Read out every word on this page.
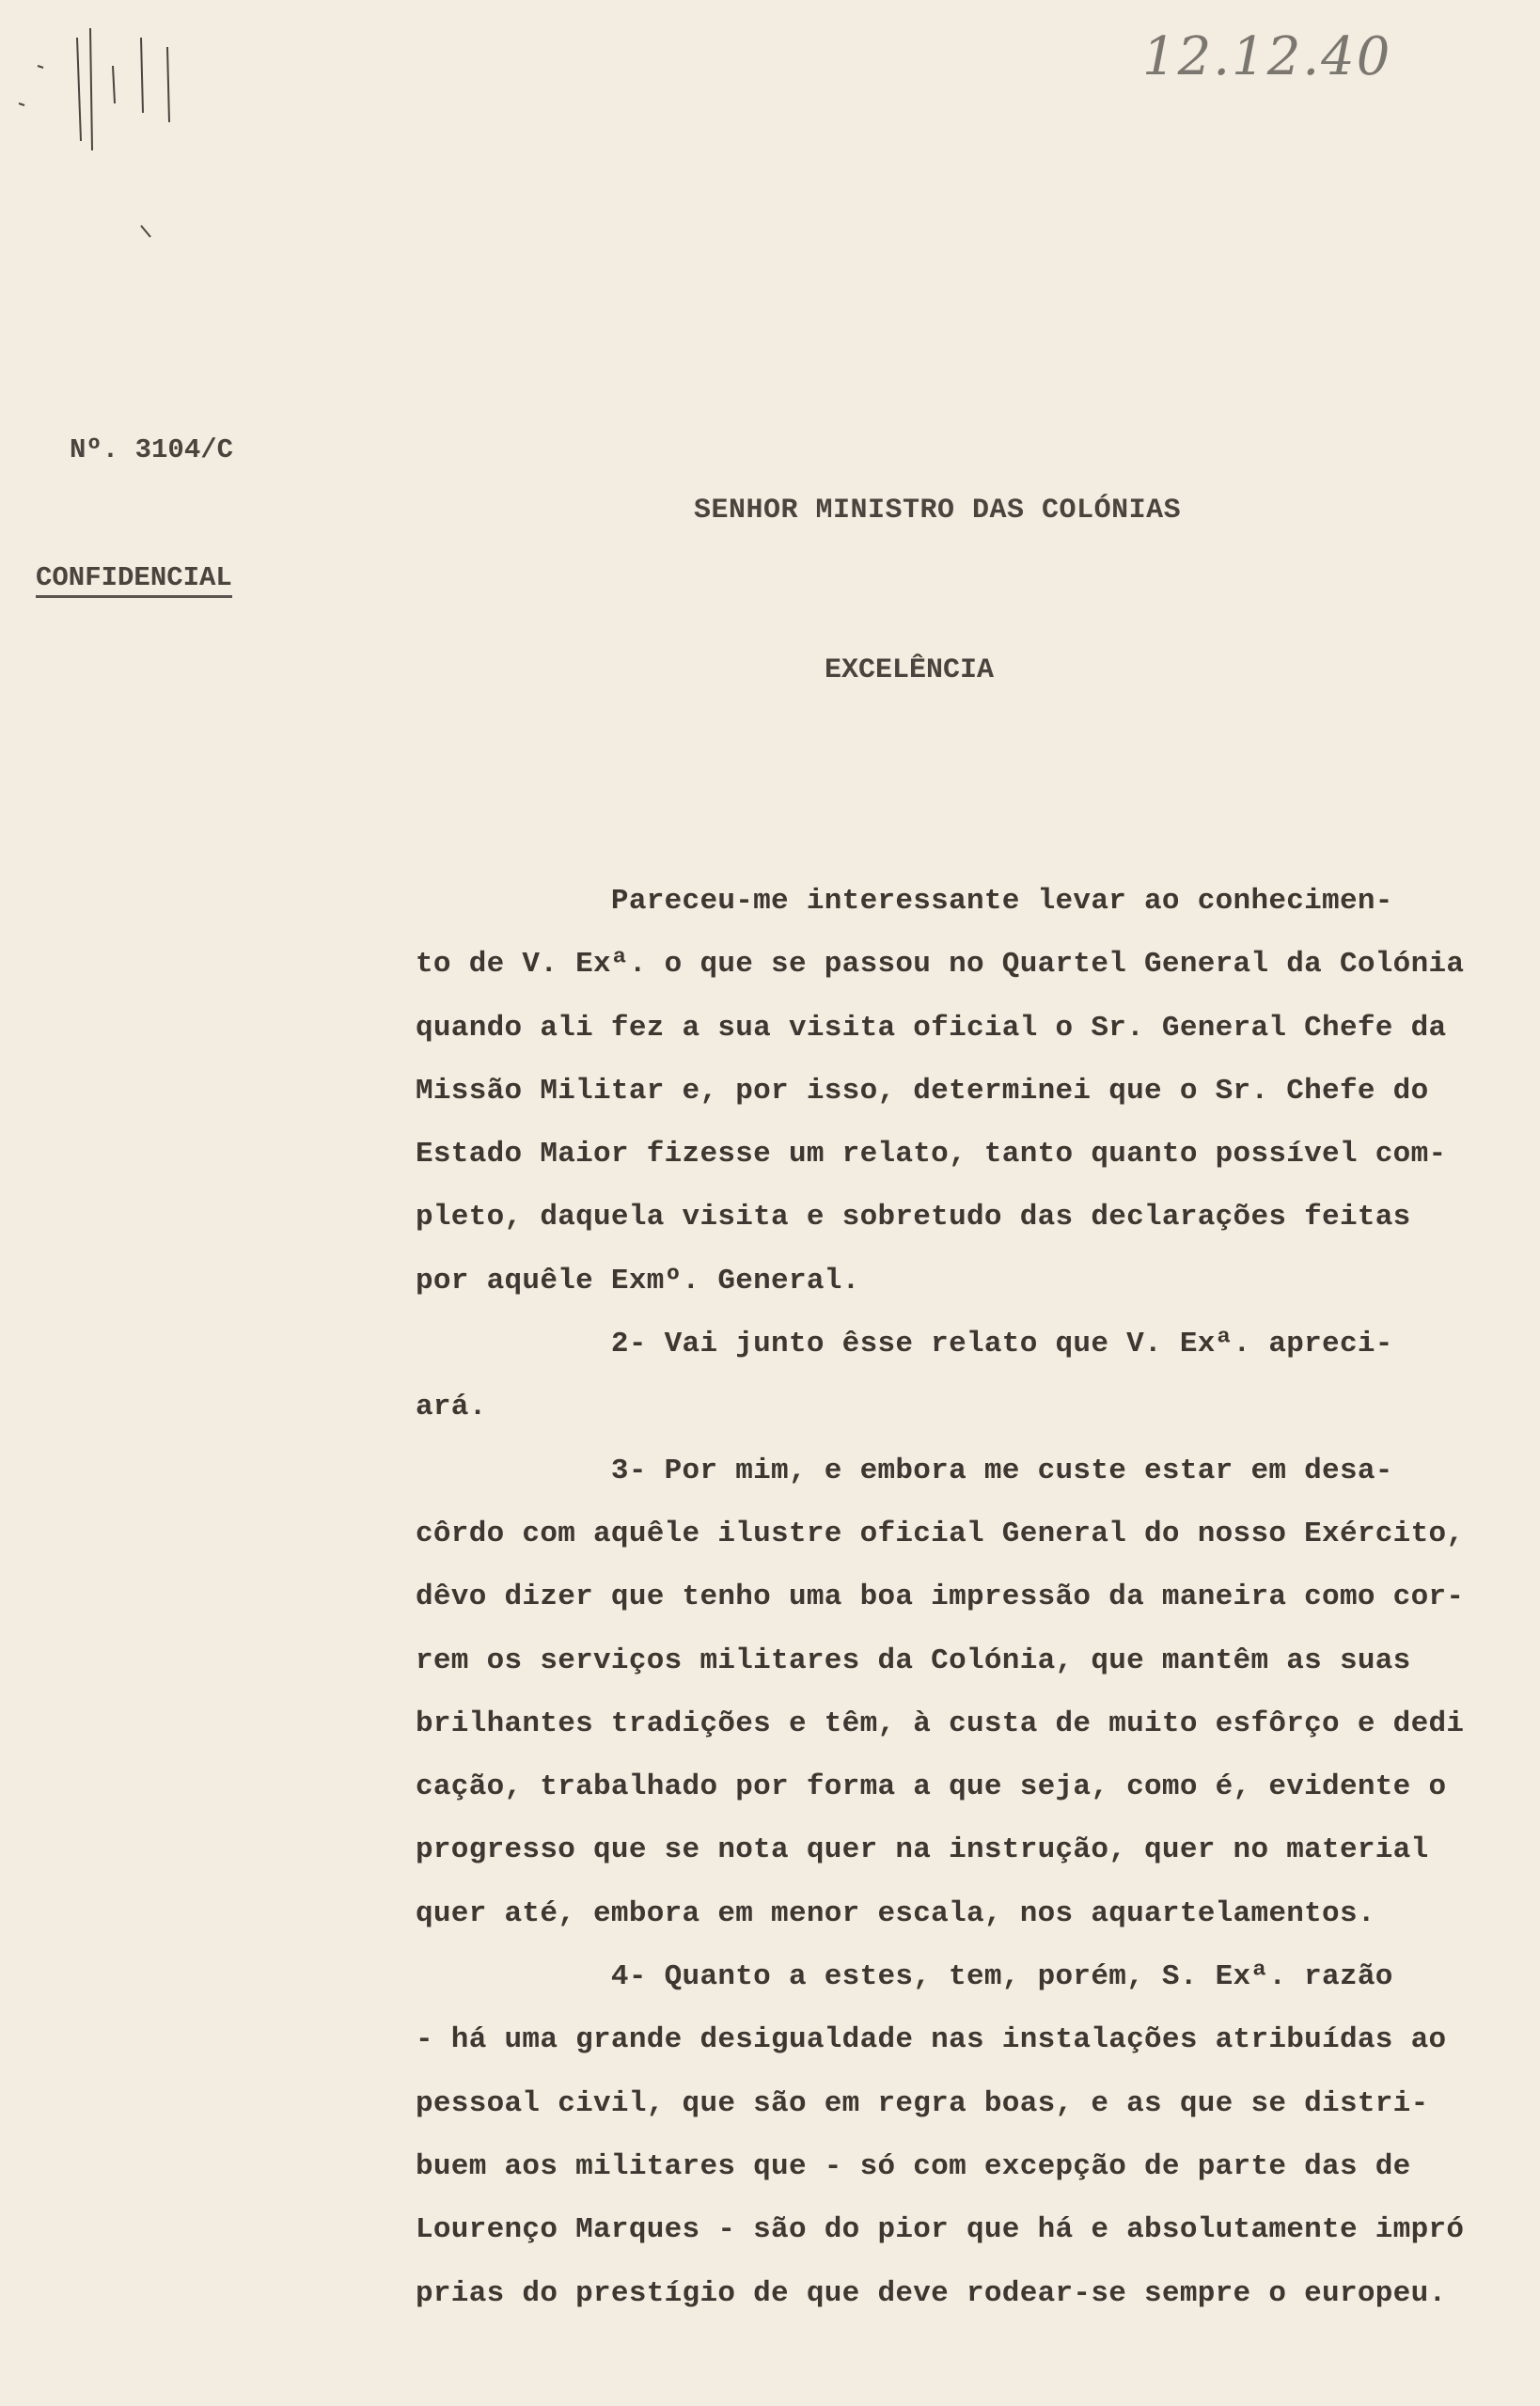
12.12.40
Nº. 3104/C
CONFIDENCIAL
SENHOR MINISTRO DAS COLÓNIAS
EXCELÊNCIA
Pareceu-me interessante levar ao conhecimen-
to de V. Exª. o que se passou no Quartel General da Colónia
quando ali fez a sua visita oficial o Sr. General Chefe da
Missão Militar e, por isso, determinei que o Sr. Chefe do
Estado Maior fizesse um relato, tanto quanto possível com-
pleto, daquela visita e sobretudo das declarações feitas
por aquêle Exmº. General.
2- Vai junto êsse relato que V. Exª. apreci-
ará.
3- Por mim, e embora me custe estar em desa-
côrdo com aquêle ilustre oficial General do nosso Exército,
dêvo dizer que tenho uma boa impressão da maneira como cor-
rem os serviços militares da Colónia, que mantêm as suas
brilhantes tradições e têm, à custa de muito esfôrço e dedi
cação, trabalhado por forma a que seja, como é, evidente o
progresso que se nota quer na instrução, quer no material
quer até, embora em menor escala, nos aquartelamentos.
4- Quanto a estes, tem, porém, S. Exª. razão
- há uma grande desigualdade nas instalações atribuídas ao
pessoal civil, que são em regra boas, e as que se distri-
buem aos militares que - só com excepção de parte das de
Lourenço Marques - são do pior que há e absolutamente impró
prias do prestígio de que deve rodear-se sempre o europeu.
